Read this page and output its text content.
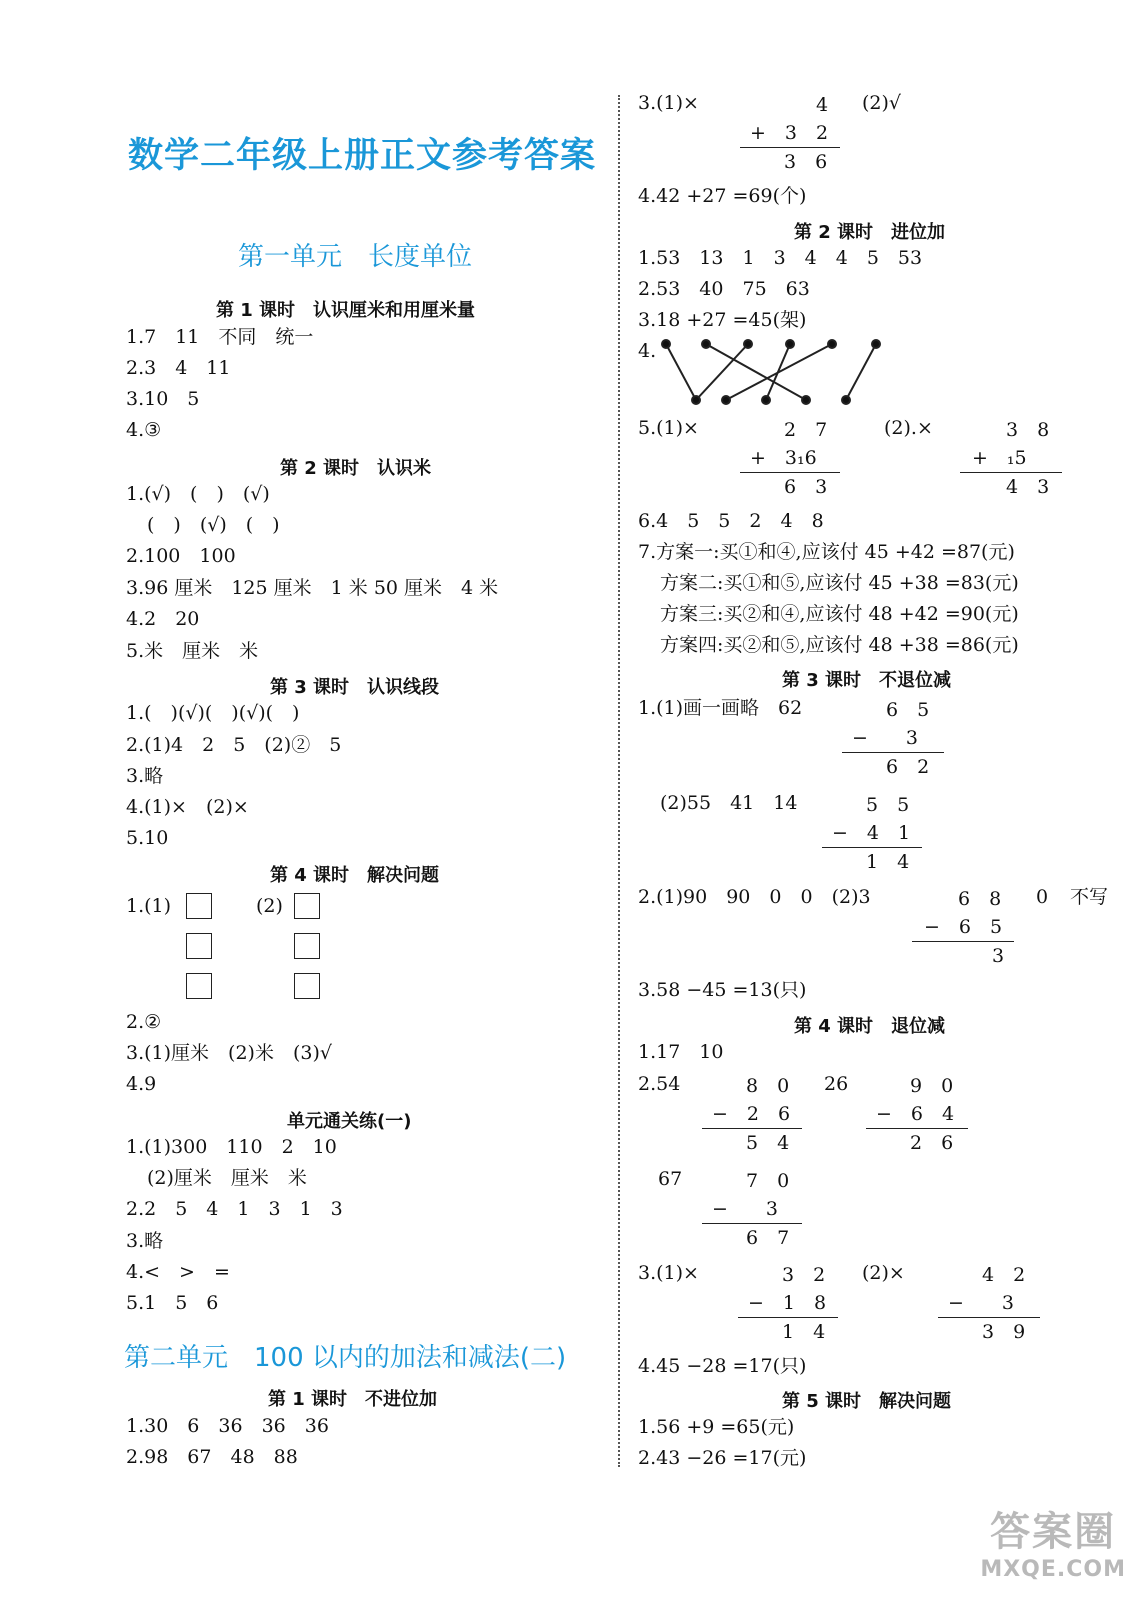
数学二年级上册正文参考答案
第一单元　长度单位
第 1 课时　认识厘米和用厘米量
1.7　11　不同　统一
2.3　4　11
3.10　5
4.③
第 2 课时　认识米
1.(√)　(　)　(√)
(　)　(√)　(　)
2.100　100
3.96 厘米　125 厘米　1 米 50 厘米　4 米
4.2　20
5.米　厘米　米
第 3 课时　认识线段
1.(　)(√)(　)(√)(　)
2.(1)4　2　5　(2)②　5
3.略
4.(1)×　(2)×
5.10
第 4 课时　解决问题
1.(1)	(2)
2.②
3.(1)厘米　(2)米　(3)√
4.9
单元通关练(一)
1.(1)300　110　2　10
(2)厘米　厘米　米
2.2　5　4　1　3　1　3
3.略
4.<　>　=
5.1　5　6
第二单元　100 以内的加法和减法(二)
第 1 课时　不进位加
1.30　6　36　36　36
2.98　67　48　88
3.(1)×	4 (2)√
+　3　2
3　6
4.42 +27 =69(个)
第 2 课时　进位加
1.53　13　1　3　4　4　5　53
2.53　40　75　63
3.18 +27 =45(架)
4.
5.(1)×	2　7
+　3₁6
6　3
(2).×	3　8
+　₁5
4　3
6.4　5　5　2　4　8
7.方案一:买①和④,应该付 45 +42 =87(元)
方案二:买①和⑤,应该付 45 +38 =83(元)
方案三:买②和④,应该付 48 +42 =90(元)
方案四:买②和⑤,应该付 48 +38 =86(元)
第 3 课时　不退位减
1.(1)画一画略　62	6　5
−　　3
6　2
(2)55　41　14	5　5
−　4　1
1　4
2.(1)90　90　0　0　(2)3	6　8 0 不写
−　6　5
3
3.58 −45 =13(只)
第 4 课时　退位减
1.17　10
2.54	8　0
−　2　6
5　4
26	9　0
−　6　4
2　6
67	7　0
−　　3
6　7
3.(1)×	3　2
−　1　8
1　4
(2)×	4　2
−　　3
3　9
4.45 −28 =17(只)
第 5 课时　解决问题
1.56 +9 =65(元)
2.43 −26 =17(元)
答案圈
MXQE.COM
